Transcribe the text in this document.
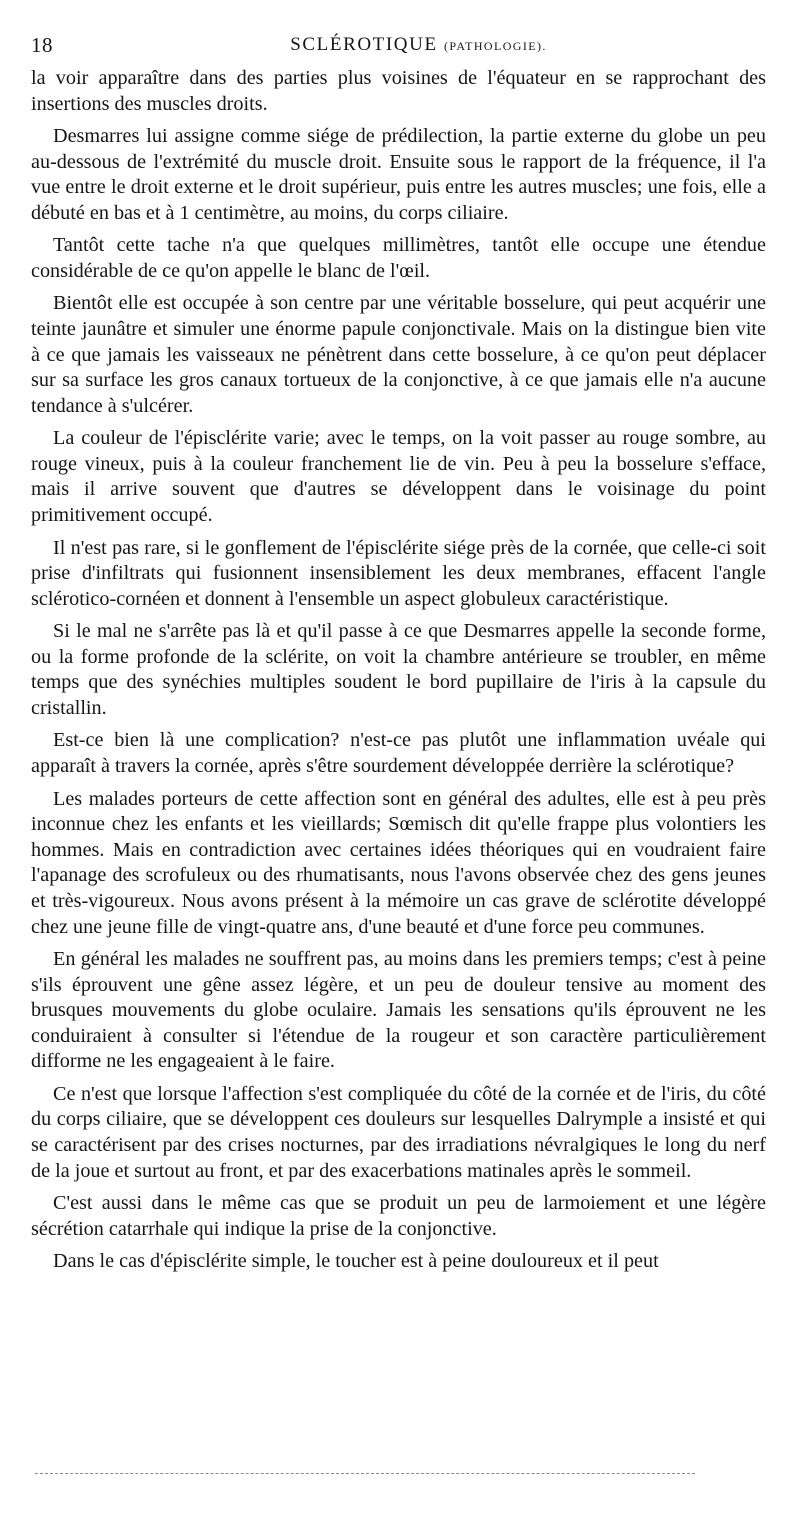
18	SCLÉROTIQUE (PATHOLOGIE).

la voir apparaître dans des parties plus voisines de l'équateur en se rapprochant des insertions des muscles droits.

Desmarres lui assigne comme siége de prédilection, la partie externe du globe un peu au-dessous de l'extrémité du muscle droit. Ensuite sous le rapport de la fréquence, il l'a vue entre le droit externe et le droit supérieur, puis entre les autres muscles; une fois, elle a débuté en bas et à 1 centimètre, au moins, du corps ciliaire.

Tantôt cette tache n'a que quelques millimètres, tantôt elle occupe une étendue considérable de ce qu'on appelle le blanc de l'œil.

Bientôt elle est occupée à son centre par une véritable bosselure, qui peut acquérir une teinte jaunâtre et simuler une énorme papule conjonctivale. Mais on la distingue bien vite à ce que jamais les vaisseaux ne pénètrent dans cette bosselure, à ce qu'on peut déplacer sur sa surface les gros canaux tortueux de la conjonctive, à ce que jamais elle n'a aucune tendance à s'ulcérer.

La couleur de l'épisclérite varie; avec le temps, on la voit passer au rouge sombre, au rouge vineux, puis à la couleur franchement lie de vin. Peu à peu la bosselure s'efface, mais il arrive souvent que d'autres se développent dans le voisinage du point primitivement occupé.

Il n'est pas rare, si le gonflement de l'épisclérite siége près de la cornée, que celle-ci soit prise d'infiltrats qui fusionnent insensiblement les deux membranes, effacent l'angle scléroticо-cornéen et donnent à l'ensemble un aspect globuleux caractéristique.

Si le mal ne s'arrête pas là et qu'il passe à ce que Desmarres appelle la seconde forme, ou la forme profonde de la sclérite, on voit la chambre antérieure se troubler, en même temps que des synéchies multiples soudent le bord pupillaire de l'iris à la capsule du cristallin.

Est-ce bien là une complication? n'est-ce pas plutôt une inflammation uvéale qui apparaît à travers la cornée, après s'être sourdement développée derrière la sclérotique?

Les malades porteurs de cette affection sont en général des adultes, elle est à peu près inconnue chez les enfants et les vieillards; Sœmisch dit qu'elle frappe plus volontiers les hommes. Mais en contradiction avec certaines idées théoriques qui en voudraient faire l'apanage des scrofuleux ou des rhumatisants, nous l'avons observée chez des gens jeunes et très-vigoureux. Nous avons présent à la mémoire un cas grave de sclérotite développé chez une jeune fille de vingt-quatre ans, d'une beauté et d'une force peu communes.

En général les malades ne souffrent pas, au moins dans les premiers temps; c'est à peine s'ils éprouvent une gêne assez légère, et un peu de douleur tensive au moment des brusques mouvements du globe oculaire. Jamais les sensations qu'ils éprouvent ne les conduiraient à consulter si l'étendue de la rougeur et son caractère particulièrement difforme ne les engageaient à le faire.

Ce n'est que lorsque l'affection s'est compliquée du côté de la cornée et de l'iris, du côté du corps ciliaire, que se développent ces douleurs sur lesquelles Dalrymple a insisté et qui se caractérisent par des crises nocturnes, par des irradiations névralgiques le long du nerf de la joue et surtout au front, et par des exacerbations matinales après le sommeil.

C'est aussi dans le même cas que se produit un peu de larmoiement et une légère sécrétion catarrhale qui indique la prise de la conjonctive.

Dans le cas d'épisclérite simple, le toucher est à peine douloureux et il peut
